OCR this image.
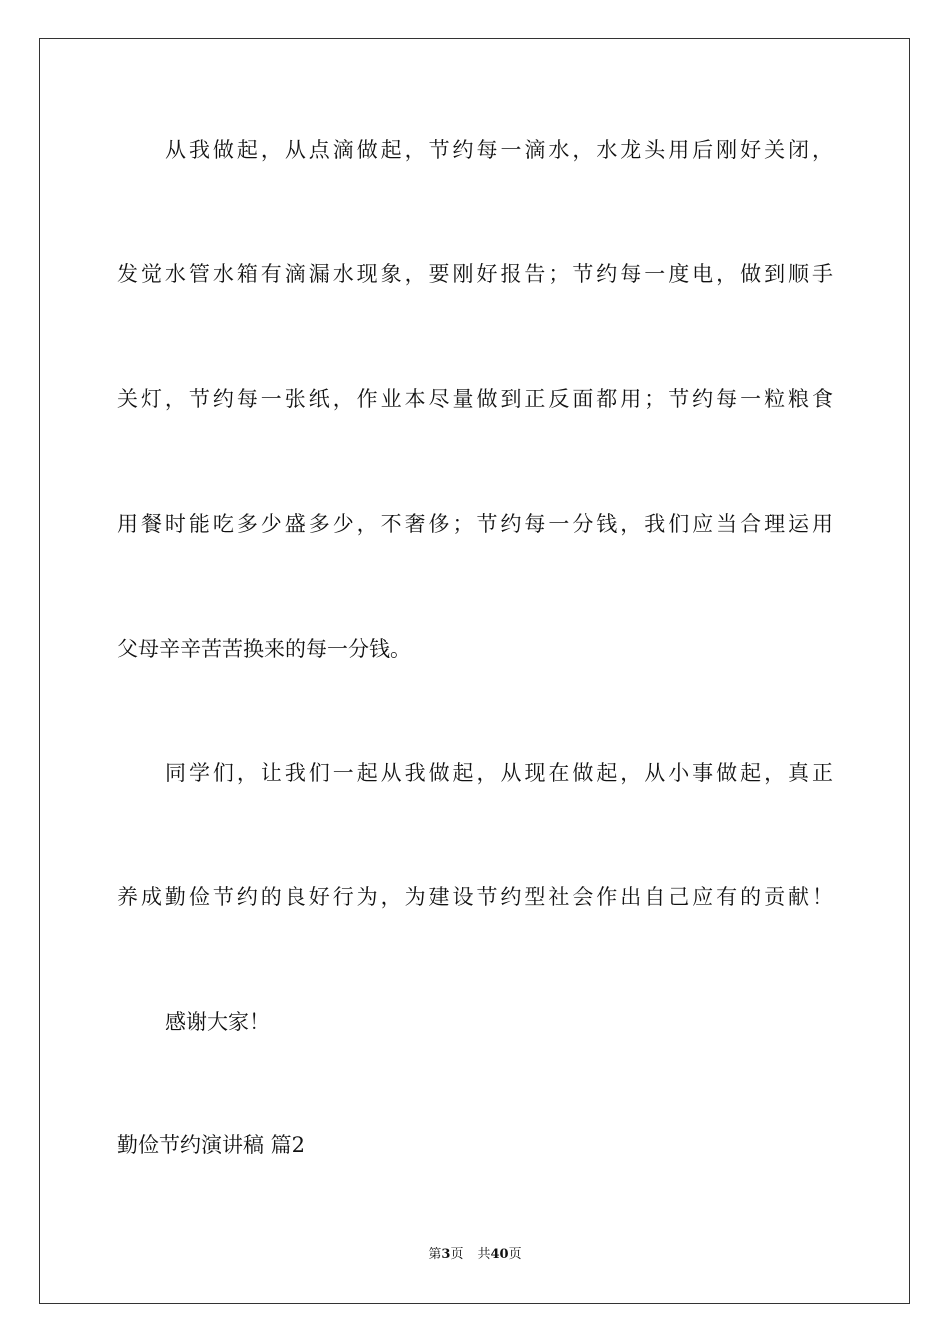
从我做起，从点滴做起，节约每一滴水，水龙头用后刚好关闭，
发觉水管水箱有滴漏水现象，要刚好报告；节约每一度电，做到顺手
关灯，节约每一张纸，作业本尽量做到正反面都用；节约每一粒粮食
用餐时能吃多少盛多少，不奢侈；节约每一分钱，我们应当合理运用
父母辛辛苦苦换来的每一分钱。
同学们，让我们一起从我做起，从现在做起，从小事做起，真正
养成勤俭节约的良好行为，为建设节约型社会作出自己应有的贡献！
感谢大家！
勤俭节约演讲稿 篇2
第3页 共40页
